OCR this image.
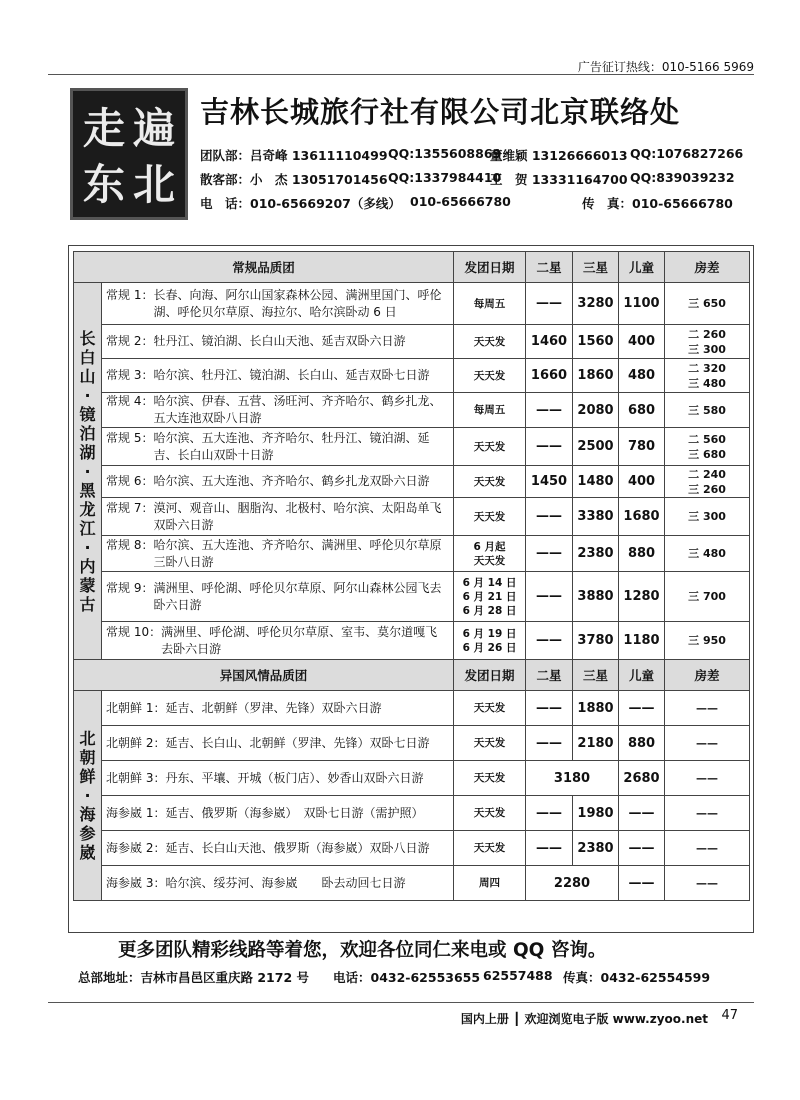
广告征订热线：010-5166 5969
走 遍
东 北
吉林长城旅行社有限公司北京联络处
团队部：吕奇峰 13611110499 QQ:1355608869
董维颖 13126666013 QQ:1076827266
散客部：小　杰 13051701456 QQ:1337984410
王　贺 13331164700 QQ:839039232
电　话：010-65669207（多线） 010-65666780	传　真：010-65666780
常规品质团		发团日期	二星	三星	儿童	房差
长白山·镜泊湖·黑龙江·内蒙古	常规 1： 长春、向海、阿尔山国家森林公园、满洲里国门、呼伦湖、呼伦贝尔草原、海拉尔、哈尔滨卧动 6 日	每周五	——	3280	1100	三 650

	常规 2： 牡丹江、镜泊湖、长白山天池、延吉双卧六日游	天天发	1460	1560	400	二 260
三 300

	常规 3： 哈尔滨、牡丹江、镜泊湖、长白山、延吉双卧七日游	天天发	1660	1860	480	二 320
三 480

	常规 4： 哈尔滨、伊春、五营、汤旺河、齐齐哈尔、鹤乡扎龙、五大连池双卧八日游	每周五	——	2080	680	三 580

	常规 5： 哈尔滨、五大连池、齐齐哈尔、牡丹江、镜泊湖、延吉、长白山双卧十日游	天天发	——	2500	780	二 560
三 680

	常规 6： 哈尔滨、五大连池、齐齐哈尔、鹤乡扎龙双卧六日游	天天发	1450	1480	400	二 240
三 260

	常规 7： 漠河、观音山、胭脂沟、北极村、哈尔滨、太阳岛单飞双卧六日游	天天发	——	3380	1680	三 300

	常规 8： 哈尔滨、五大连池、齐齐哈尔、满洲里、呼伦贝尔草原三卧八日游	6 月起
天天发	——	2380	880	三 480

	常规 9： 满洲里、呼伦湖、呼伦贝尔草原、阿尔山森林公园飞去卧六日游	6 月 14 日
6 月 21 日
6 月 28 日	——	3880	1280	三 700

	常规 10： 满洲里、呼伦湖、呼伦贝尔草原、室韦、莫尔道嘎飞去卧六日游	6 月 19 日
6 月 26 日	——	3780	1180	三 950
异国风情品质团		发团日期	二星	三星	儿童	房差
北朝鲜·海参崴	北朝鲜 1：延吉、北朝鲜（罗津、先锋）双卧六日游	天天发	——	1880	——	——
	北朝鲜 2：延吉、长白山、北朝鲜（罗津、先锋）双卧七日游	天天发	——	2180	880	——
	北朝鲜 3：丹东、平壤、开城（板门店）、妙香山双卧六日游	天天发	3180		2680	——
	海参崴 1：延吉、俄罗斯（海参崴）　双卧七日游（需护照）	天天发	——	1980	——	——
	海参崴 2：延吉、长白山天池、俄罗斯（海参崴）双卧八日游	天天发	——	2380	——	——
	海参崴 3：哈尔滨、绥芬河、海参崴　　卧去动回七日游	周四	2280		——	——
更多团队精彩线路等着您，欢迎各位同仁来电或 QQ 咨询。
总部地址：吉林市昌邑区重庆路 2172 号 电话：0432-62553655 62557488 传真：0432-62554599
国内上册 ┃ 欢迎浏览电子版 www.zyoo.net 47
